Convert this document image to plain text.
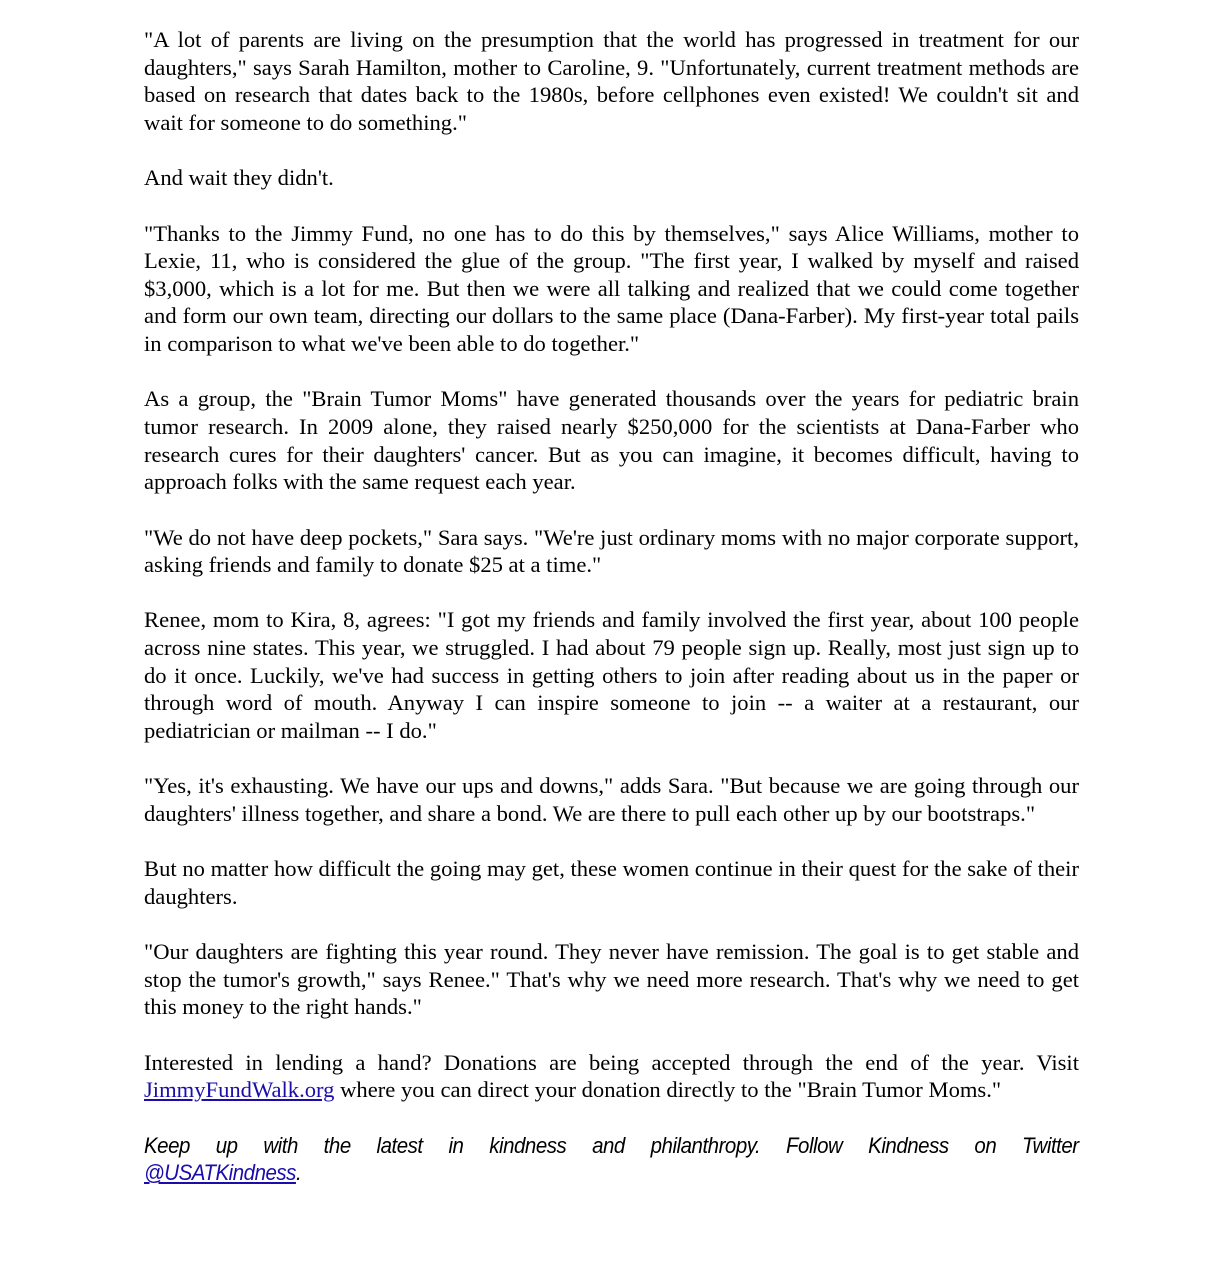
"A lot of parents are living on the presumption that the world has progressed in treatment for our daughters," says Sarah Hamilton, mother to Caroline, 9. "Unfortunately, current treatment methods are based on research that dates back to the 1980s, before cellphones even existed! We couldn't sit and wait for someone to do something."

And wait they didn't.

"Thanks to the Jimmy Fund, no one has to do this by themselves," says Alice Williams, mother to Lexie, 11, who is considered the glue of the group. "The first year, I walked by myself and raised $3,000, which is a lot for me. But then we were all talking and realized that we could come together and form our own team, directing our dollars to the same place (Dana-Farber). My first-year total pails in comparison to what we've been able to do together."

As a group, the "Brain Tumor Moms" have generated thousands over the years for pediatric brain tumor research. In 2009 alone, they raised nearly $250,000 for the scientists at Dana-Farber who research cures for their daughters' cancer. But as you can imagine, it becomes difficult, having to approach folks with the same request each year.

"We do not have deep pockets," Sara says. "We're just ordinary moms with no major corporate support, asking friends and family to donate $25 at a time."

Renee, mom to Kira, 8, agrees: "I got my friends and family involved the first year, about 100 people across nine states. This year, we struggled. I had about 79 people sign up. Really, most just sign up to do it once. Luckily, we've had success in getting others to join after reading about us in the paper or through word of mouth. Anyway I can inspire someone to join -- a waiter at a restaurant, our pediatrician or mailman -- I do."

"Yes, it's exhausting. We have our ups and downs," adds Sara. "But because we are going through our daughters' illness together, and share a bond. We are there to pull each other up by our bootstraps."

But no matter how difficult the going may get, these women continue in their quest for the sake of their daughters.

"Our daughters are fighting this year round. They never have remission. The goal is to get stable and stop the tumor's growth," says Renee." That's why we need more research. That's why we need to get this money to the right hands."

Interested in lending a hand? Donations are being accepted through the end of the year. Visit JimmyFundWalk.org where you can direct your donation directly to the "Brain Tumor Moms."

Keep up with the latest in kindness and philanthropy. Follow Kindness on Twitter @USATKindness.
